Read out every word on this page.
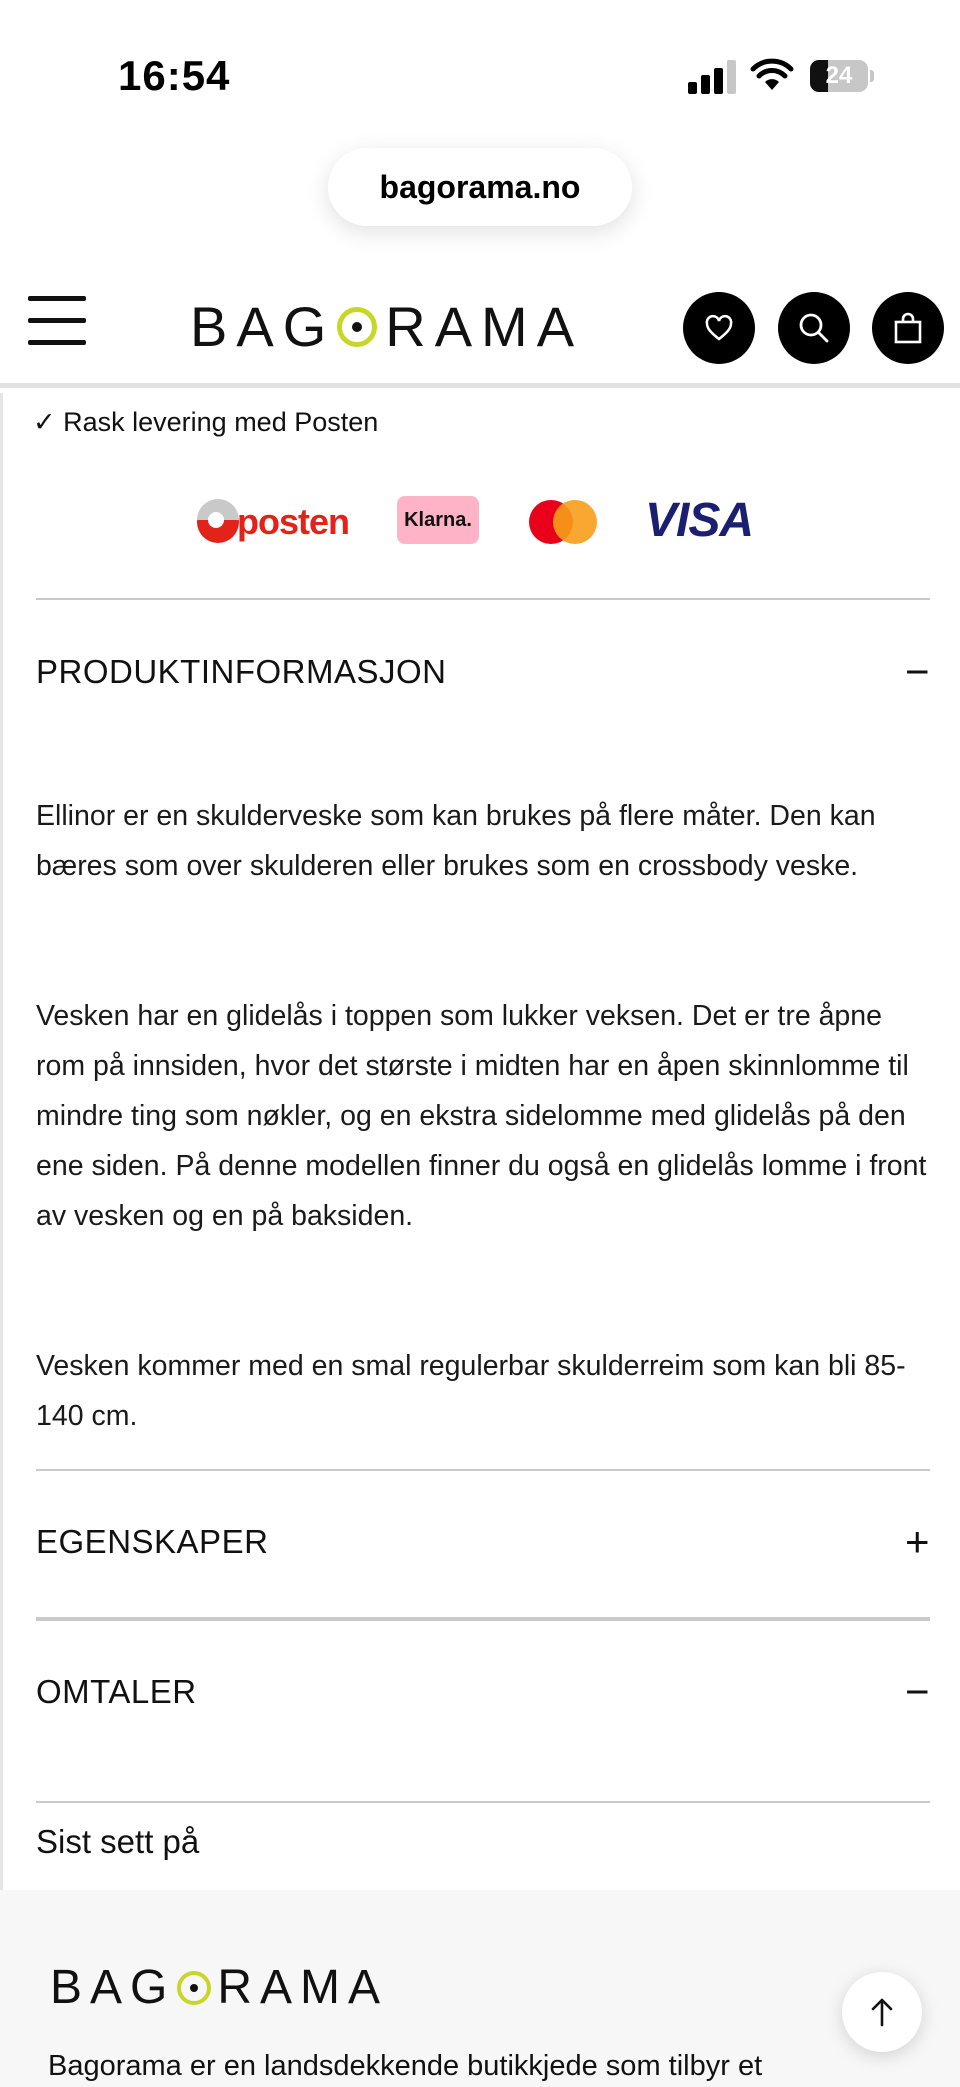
16:54	24
bagorama.no
BAG RAMA
✓ Rask levering med Posten
posten	Klarna.	VISA
PRODUKTINFORMASJON	−
Ellinor er en skulderveske som kan brukes på flere måter. Den kan bæres som over skulderen eller brukes som en crossbody veske.
Vesken har en glidelås i toppen som lukker veksen. Det er tre åpne rom på innsiden, hvor det største i midten har en åpen skinnlomme til mindre ting som nøkler, og en ekstra sidelomme med glidelås på den ene siden. På denne modellen finner du også en glidelås lomme i front av vesken og en på baksiden.
Vesken kommer med en smal regulerbar skulderreim som kan bli 85-140 cm.
EGENSKAPER	+
OMTALER	−
Sist sett på
BAG RAMA
Bagorama er en landsdekkende butikkjede som tilbyr et
